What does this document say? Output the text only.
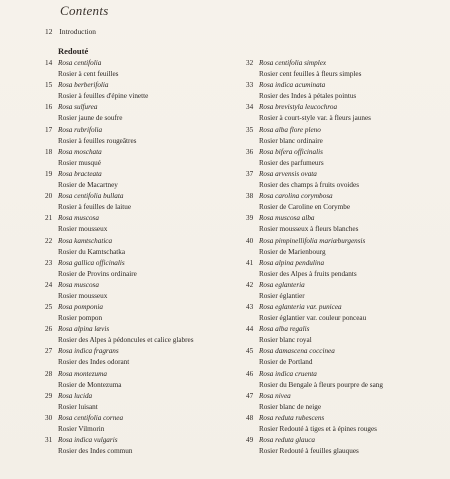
Contents
12 Introduction
Redouté
14 Rosa centifolia
Rosier à cent feuilles
15 Rosa berberifolia
Rosier à feuilles d'épine vinette
16 Rosa sulfurea
Rosier jaune de soufre
17 Rosa rubrifolia
Rosier à feuilles rougeâtres
18 Rosa moschata
Rosier musqué
19 Rosa bracteata
Rosier de Macartney
20 Rosa centifolia bullata
Rosier à feuilles de laitue
21 Rosa muscosa
Rosier mousseux
22 Rosa kamtschatica
Rosier du Kamtschatka
23 Rosa gallica officinalis
Rosier de Provins ordinaire
24 Rosa muscosa
Rosier mousseux
25 Rosa pomponia
Rosier pompon
26 Rosa alpina lævis
Rosier des Alpes à pédoncules et calice glabres
27 Rosa indica fragrans
Rosier des Indes odorant
28 Rosa montezuma
Rosier de Montezuma
29 Rosa lucida
Rosier luisant
30 Rosa centifolia cornea
Rosier Vilmorin
31 Rosa indica vulgaris
Rosier des Indes commun
32 Rosa centifolia simplex
Rosier cent feuilles à fleurs simples
33 Rosa indica acuminata
Rosier des Indes à pétales pointus
34 Rosa brevistyla leucochroa
Rosier à court-style var. à fleurs jaunes
35 Rosa alba flore pleno
Rosier blanc ordinaire
36 Rosa bifera officinalis
Rosier des parfumeurs
37 Rosa arvensis ovata
Rosier des champs à fruits ovoides
38 Rosa carolina corymbosa
Rosier de Caroline en Corymbe
39 Rosa muscosa alba
Rosier mousseux à fleurs blanches
40 Rosa pimpinellifolia mariæburgensis
Rosier de Marienbourg
41 Rosa alpina pendulina
Rosier des Alpes à fruits pendants
42 Rosa eglanteria
Rosier églantier
43 Rosa eglanteria var. punicea
Rosier églantier var. couleur ponceau
44 Rosa alba regalis
Rosier blanc royal
45 Rosa damascena coccinea
Rosier de Portland
46 Rosa indica cruenta
Rosier du Bengale à fleurs pourpre de sang
47 Rosa nivea
Rosier blanc de neige
48 Rosa reduta rubescens
Rosier Redouté à tiges et à épines rouges
49 Rosa reduta glauca
Rosier Redouté à feuilles glauques
